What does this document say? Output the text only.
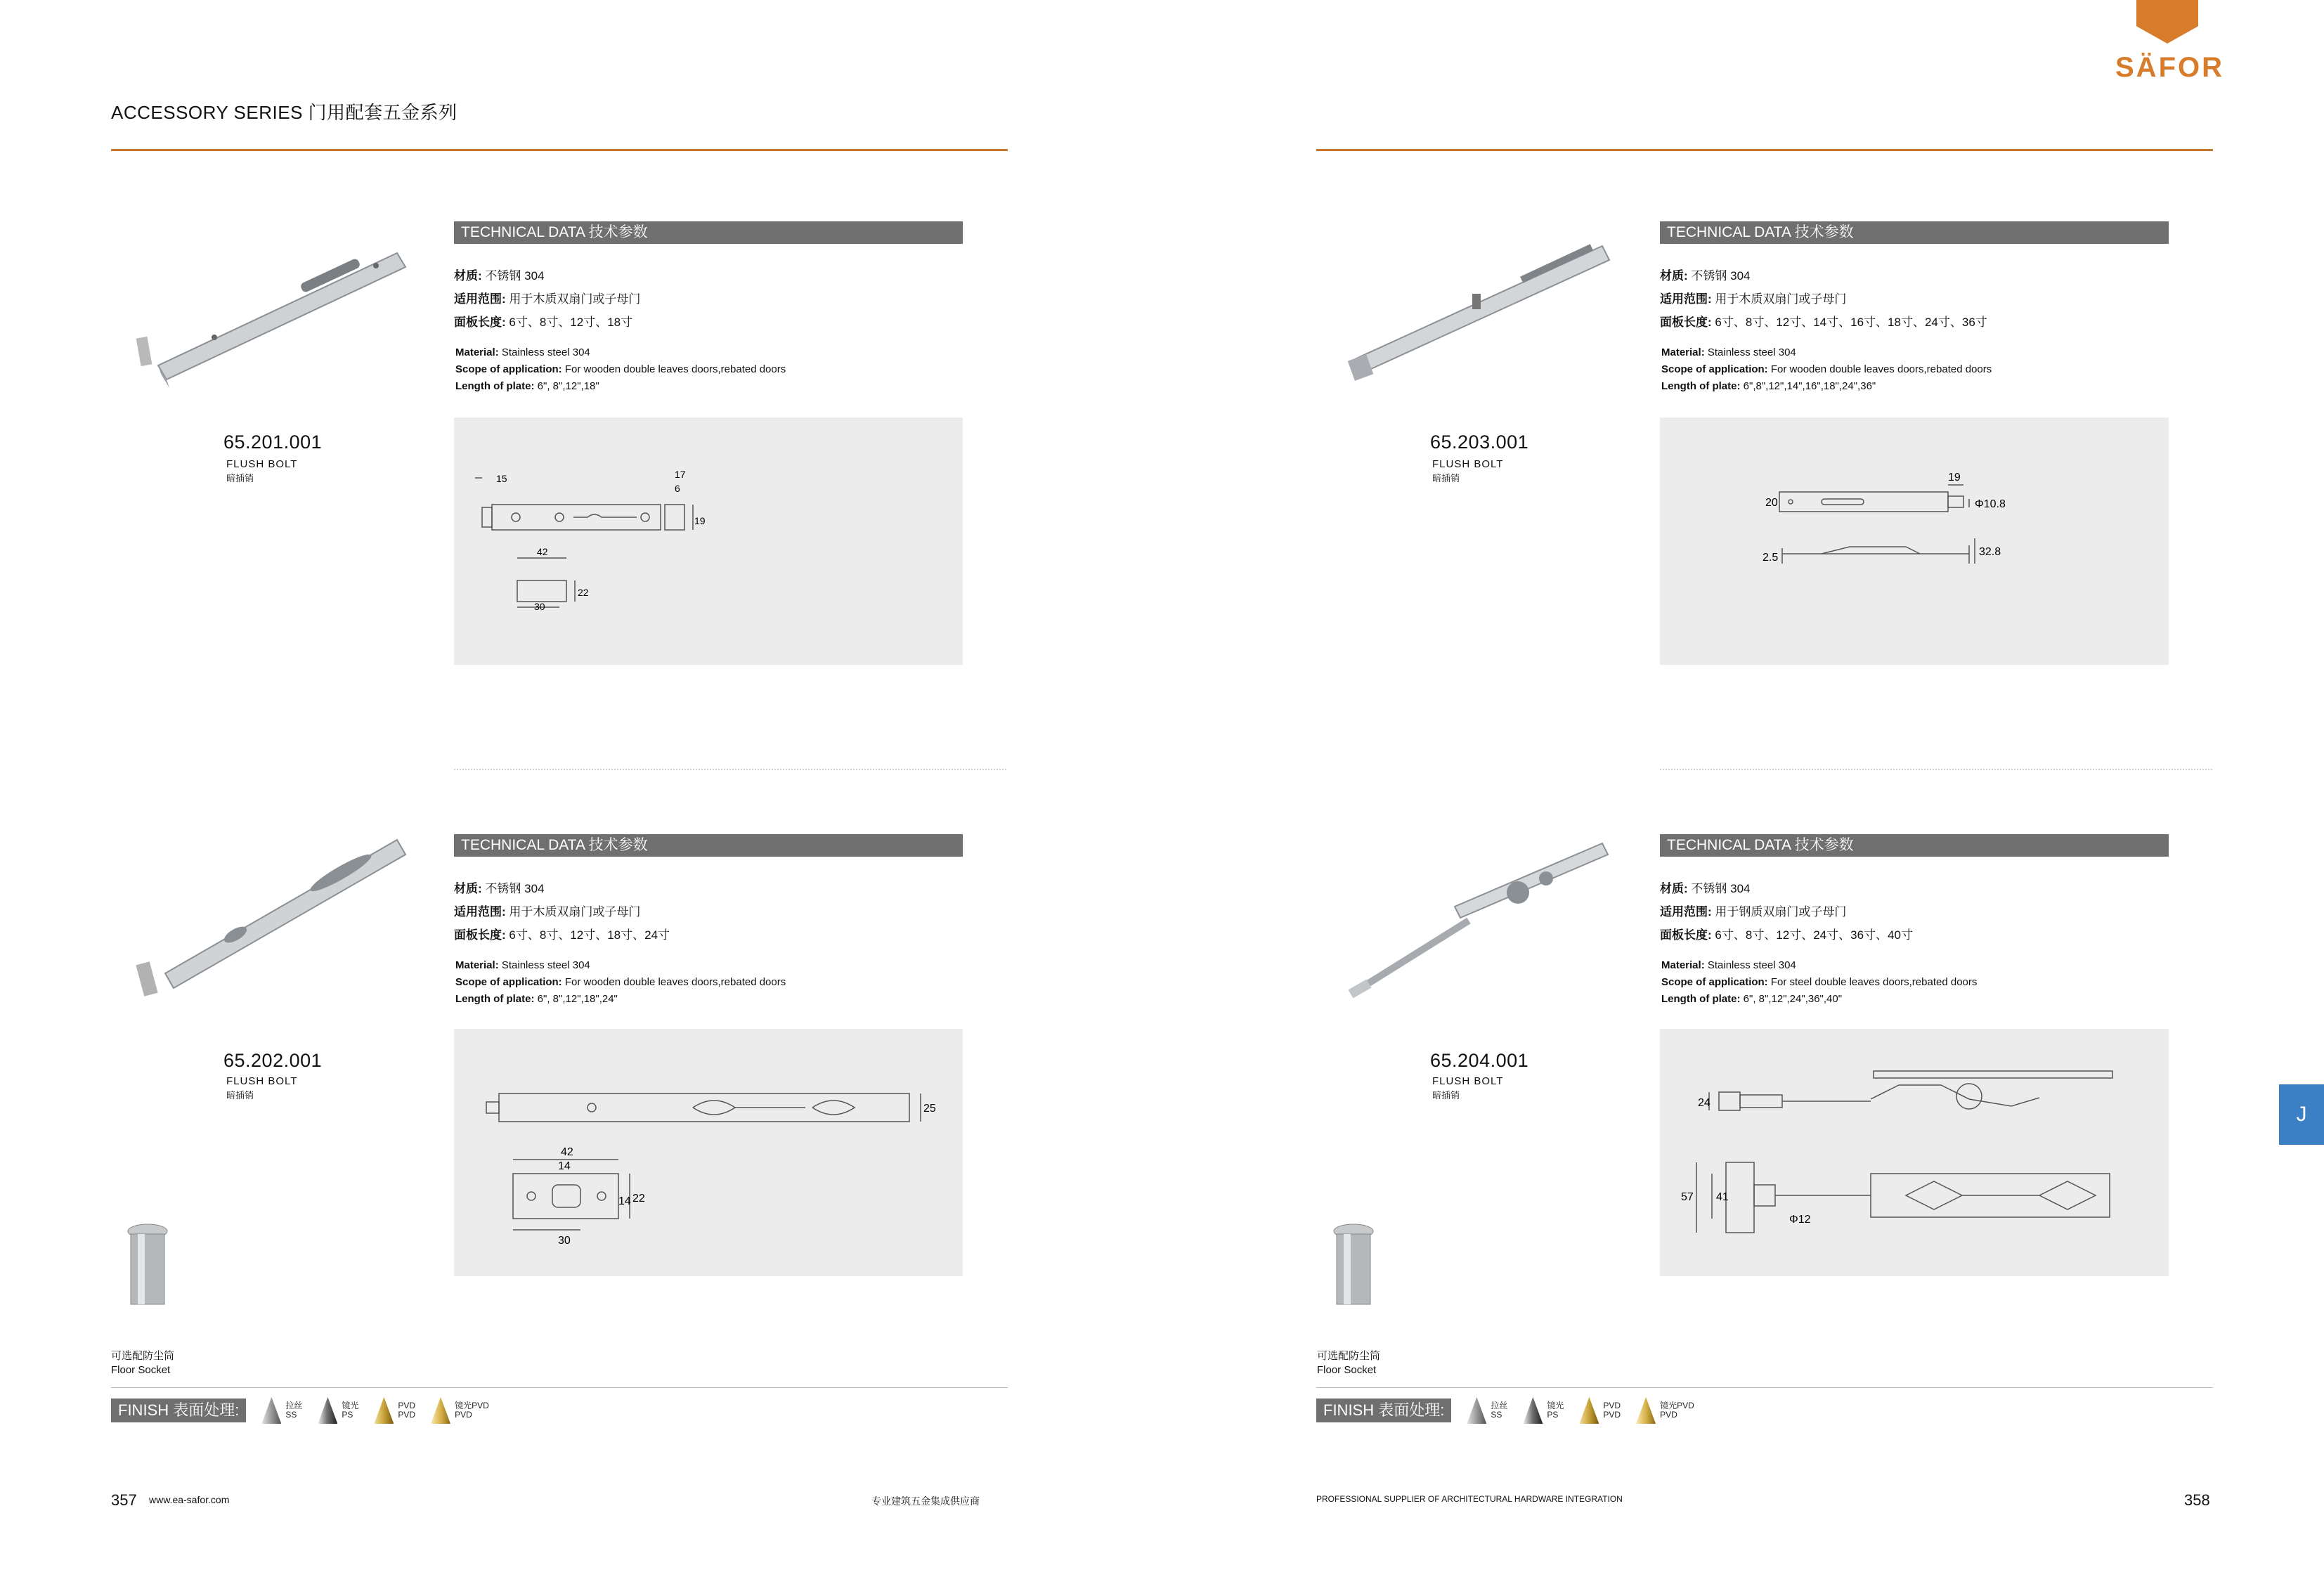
ACCESSORY SERIES 门用配套五金系列
SÄFOR
65.201.001
FLUSH BOLT
暗插销
TECHNICAL DATA 技术参数
材质: 不锈钢 304
适用范围: 用于木质双扇门或子母门
面板长度: 6寸、8寸、12寸、18寸
Material: Stainless steel 304
Scope of application: For wooden double leaves doors,rebated doors
Length of plate: 6", 8",12",18"
15	17
6
19
42
22
30
65.203.001
FLUSH BOLT
暗插销
TECHNICAL DATA 技术参数
材质: 不锈钢 304
适用范围: 用于木质双扇门或子母门
面板长度: 6寸、8寸、12寸、14寸、16寸、18寸、24寸、36寸
Material: Stainless steel 304
Scope of application: For wooden double leaves doors,rebated doors
Length of plate: 6",8",12",14",16",18",24",36"
19
Φ10.8
20
2.5	32.8
65.202.001
FLUSH BOLT
暗插销
TECHNICAL DATA 技术参数
材质: 不锈钢 304
适用范围: 用于木质双扇门或子母门
面板长度: 6寸、8寸、12寸、18寸、24寸
Material: Stainless steel 304
Scope of application: For wooden double leaves doors,rebated doors
Length of plate: 6", 8",12",18",24"
25
42
14
14 22
30
65.204.001
FLUSH BOLT
暗插销
TECHNICAL DATA 技术参数
材质: 不锈钢 304
适用范围: 用于钢质双扇门或子母门
面板长度: 6寸、8寸、12寸、24寸、36寸、40寸
Material: Stainless steel 304
Scope of application: For steel double leaves doors,rebated doors
Length of plate: 6", 8",12",24",36",40"
24
57 41
Φ12
可选配防尘筒
Floor Socket
可选配防尘筒
Floor Socket
FINISH 表面处理:	拉丝
SS
镜光
PS
PVD
PVD
镜光PVD
PVD	FINISH 表面处理:	拉丝
SS
镜光
PS
PVD
PVD
镜光PVD
PVD
J
357 www.ea-safor.com	专业建筑五金集成供应商	PROFESSIONAL SUPPLIER OF ARCHITECTURAL HARDWARE INTEGRATION	358
